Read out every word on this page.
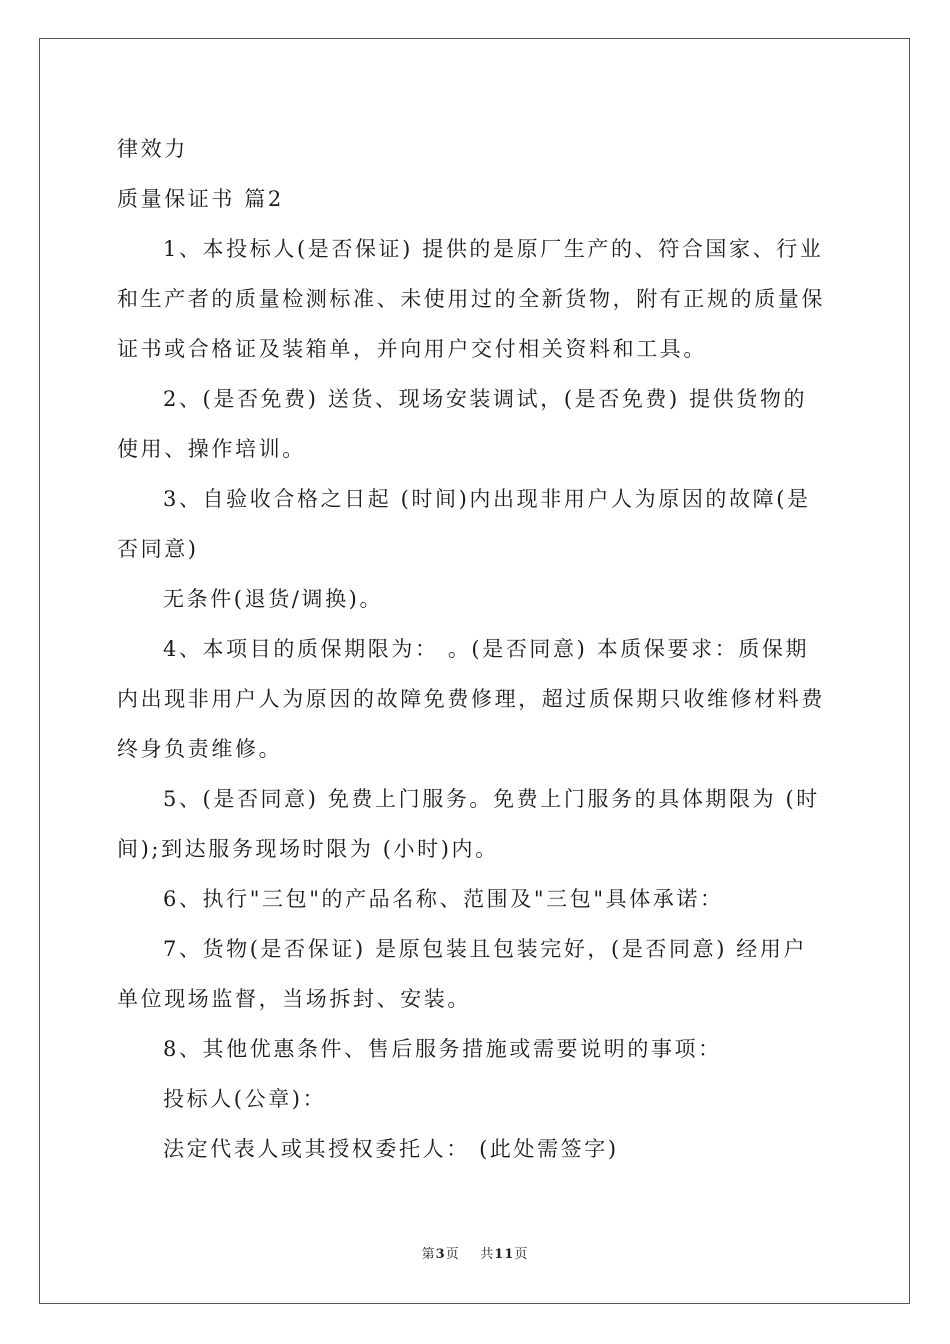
律效力
质量保证书 篇2
1、本投标人(是否保证) 提供的是原厂生产的、符合国家、行业
和生产者的质量检测标准、未使用过的全新货物，附有正规的质量保
证书或合格证及装箱单，并向用户交付相关资料和工具。
2、(是否免费) 送货、现场安装调试，(是否免费) 提供货物的
使用、操作培训。
3、自验收合格之日起 (时间)内出现非用户人为原因的故障(是
否同意)
无条件(退货/调换)。
4、本项目的质保期限为： 。(是否同意) 本质保要求：质保期
内出现非用户人为原因的故障免费修理，超过质保期只收维修材料费
终身负责维修。
5、(是否同意) 免费上门服务。免费上门服务的具体期限为 (时
间);到达服务现场时限为 (小时)内。
6、执行"三包"的产品名称、范围及"三包"具体承诺：
7、货物(是否保证) 是原包装且包装完好，(是否同意) 经用户
单位现场监督，当场拆封、安装。
8、其他优惠条件、售后服务措施或需要说明的事项：
投标人(公章)：
法定代表人或其授权委托人： (此处需签字)
第3页 共11页
